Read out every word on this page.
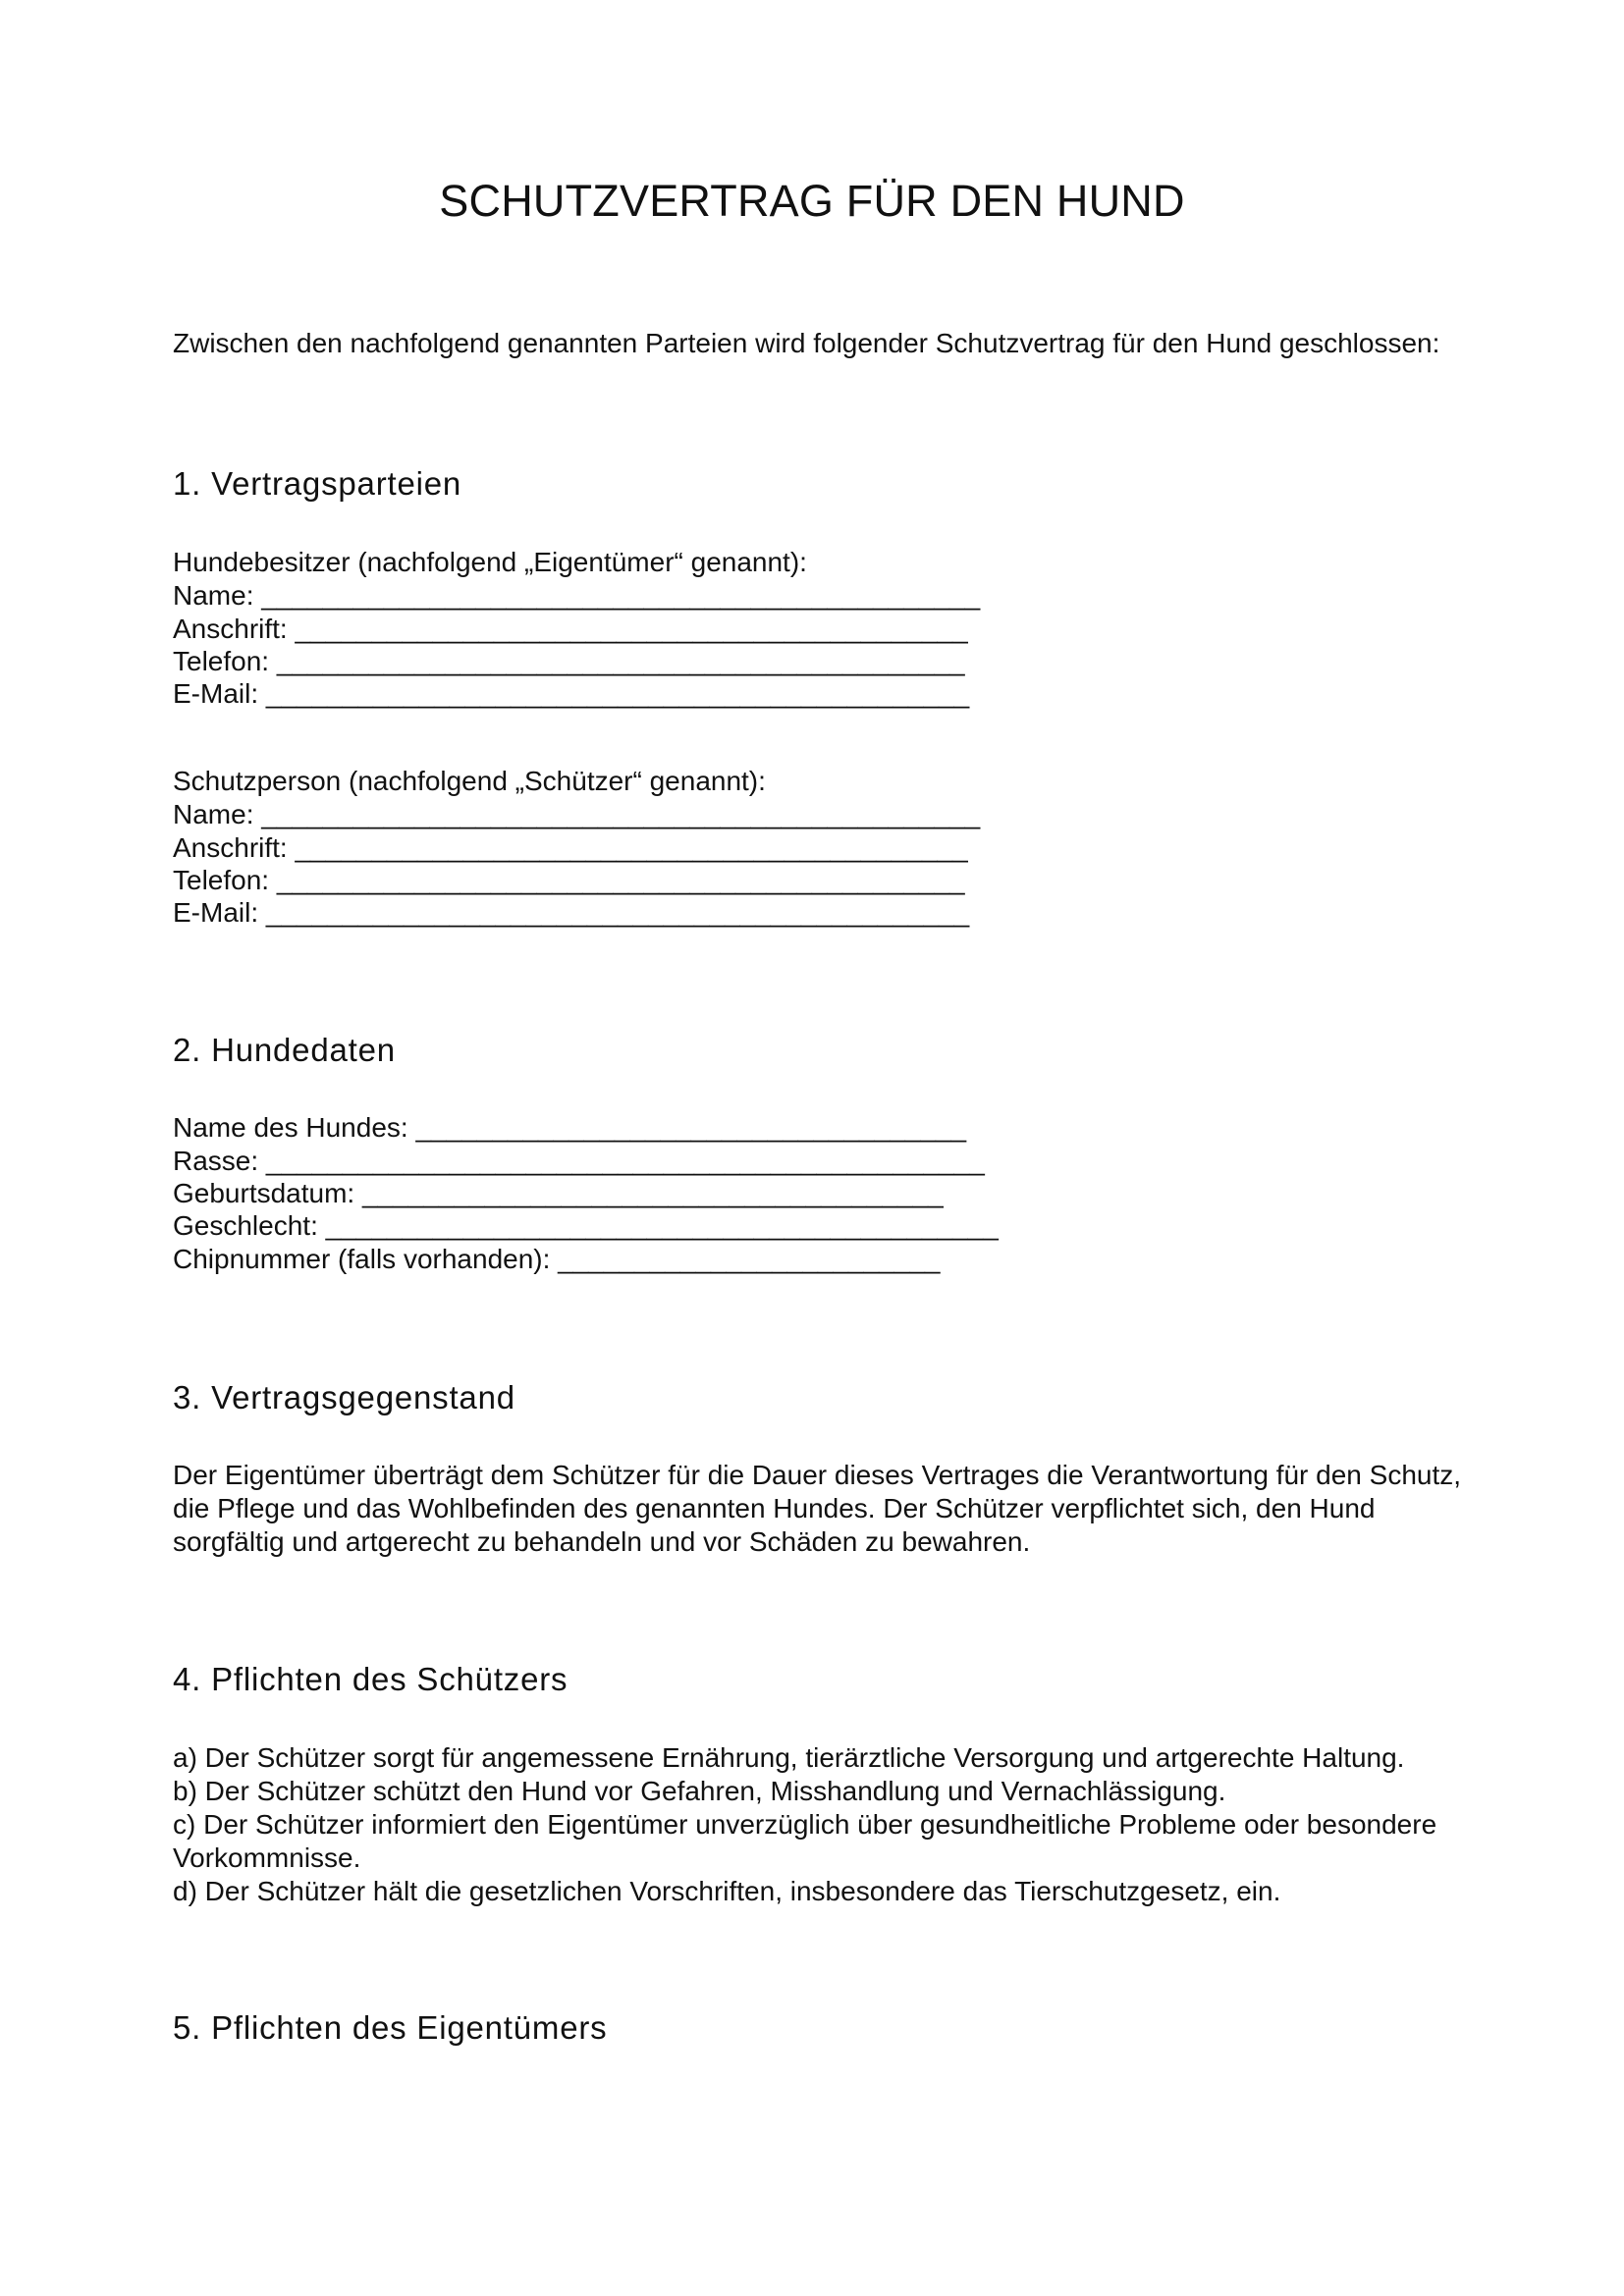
SCHUTZVERTRAG FÜR DEN HUND
Zwischen den nachfolgend genannten Parteien wird folgender Schutzvertrag für den Hund geschlossen:
1. Vertragsparteien
Hundebesitzer (nachfolgend „Eigentümer“ genannt):
Name: _______________________________________________
Anschrift: ____________________________________________
Telefon: _____________________________________________
E-Mail: ______________________________________________
Schutzperson (nachfolgend „Schützer“ genannt):
Name: _______________________________________________
Anschrift: ____________________________________________
Telefon: _____________________________________________
E-Mail: ______________________________________________
2. Hundedaten
Name des Hundes: ____________________________________
Rasse: _______________________________________________
Geburtsdatum: ______________________________________
Geschlecht: ____________________________________________
Chipnummer (falls vorhanden): _________________________
3. Vertragsgegenstand
Der Eigentümer überträgt dem Schützer für die Dauer dieses Vertrages die Verantwortung für den Schutz, die Pflege und das Wohlbefinden des genannten Hundes. Der Schützer verpflichtet sich, den Hund sorgfältig und artgerecht zu behandeln und vor Schäden zu bewahren.
4. Pflichten des Schützers

a) Der Schützer sorgt für angemessene Ernährung, tierärztliche Versorgung und artgerechte Haltung.

b) Der Schützer schützt den Hund vor Gefahren, Misshandlung und Vernachlässigung.

c) Der Schützer informiert den Eigentümer unverzüglich über gesundheitliche Probleme oder besondere Vorkommnisse.

d) Der Schützer hält die gesetzlichen Vorschriften, insbesondere das Tierschutzgesetz, ein.

5. Pflichten des Eigentümers
